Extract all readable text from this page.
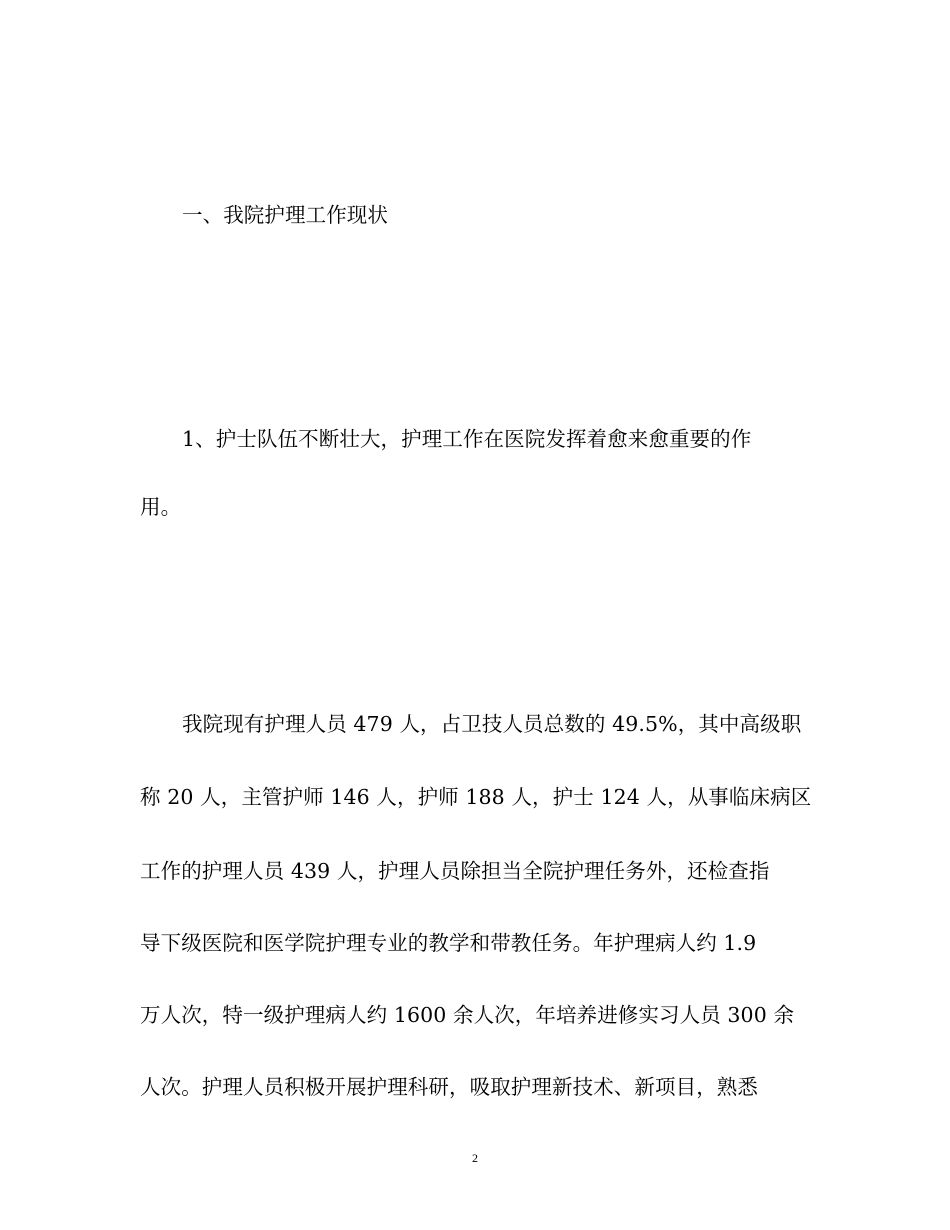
一、我院护理工作现状
1、护士队伍不断壮大，护理工作在医院发挥着愈来愈重要的作
用。
我院现有护理人员 479 人，占卫技人员总数的 49.5%，其中高级职
称 20 人，主管护师 146 人，护师 188 人，护士 124 人，从事临床病区
工作的护理人员 439 人，护理人员除担当全院护理任务外，还检查指
导下级医院和医学院护理专业的教学和带教任务。年护理病人约 1.9
万人次，特一级护理病人约 1600 余人次，年培养进修实习人员 300 余
人次。护理人员积极开展护理科研，吸取护理新技术、新项目，熟悉
2
